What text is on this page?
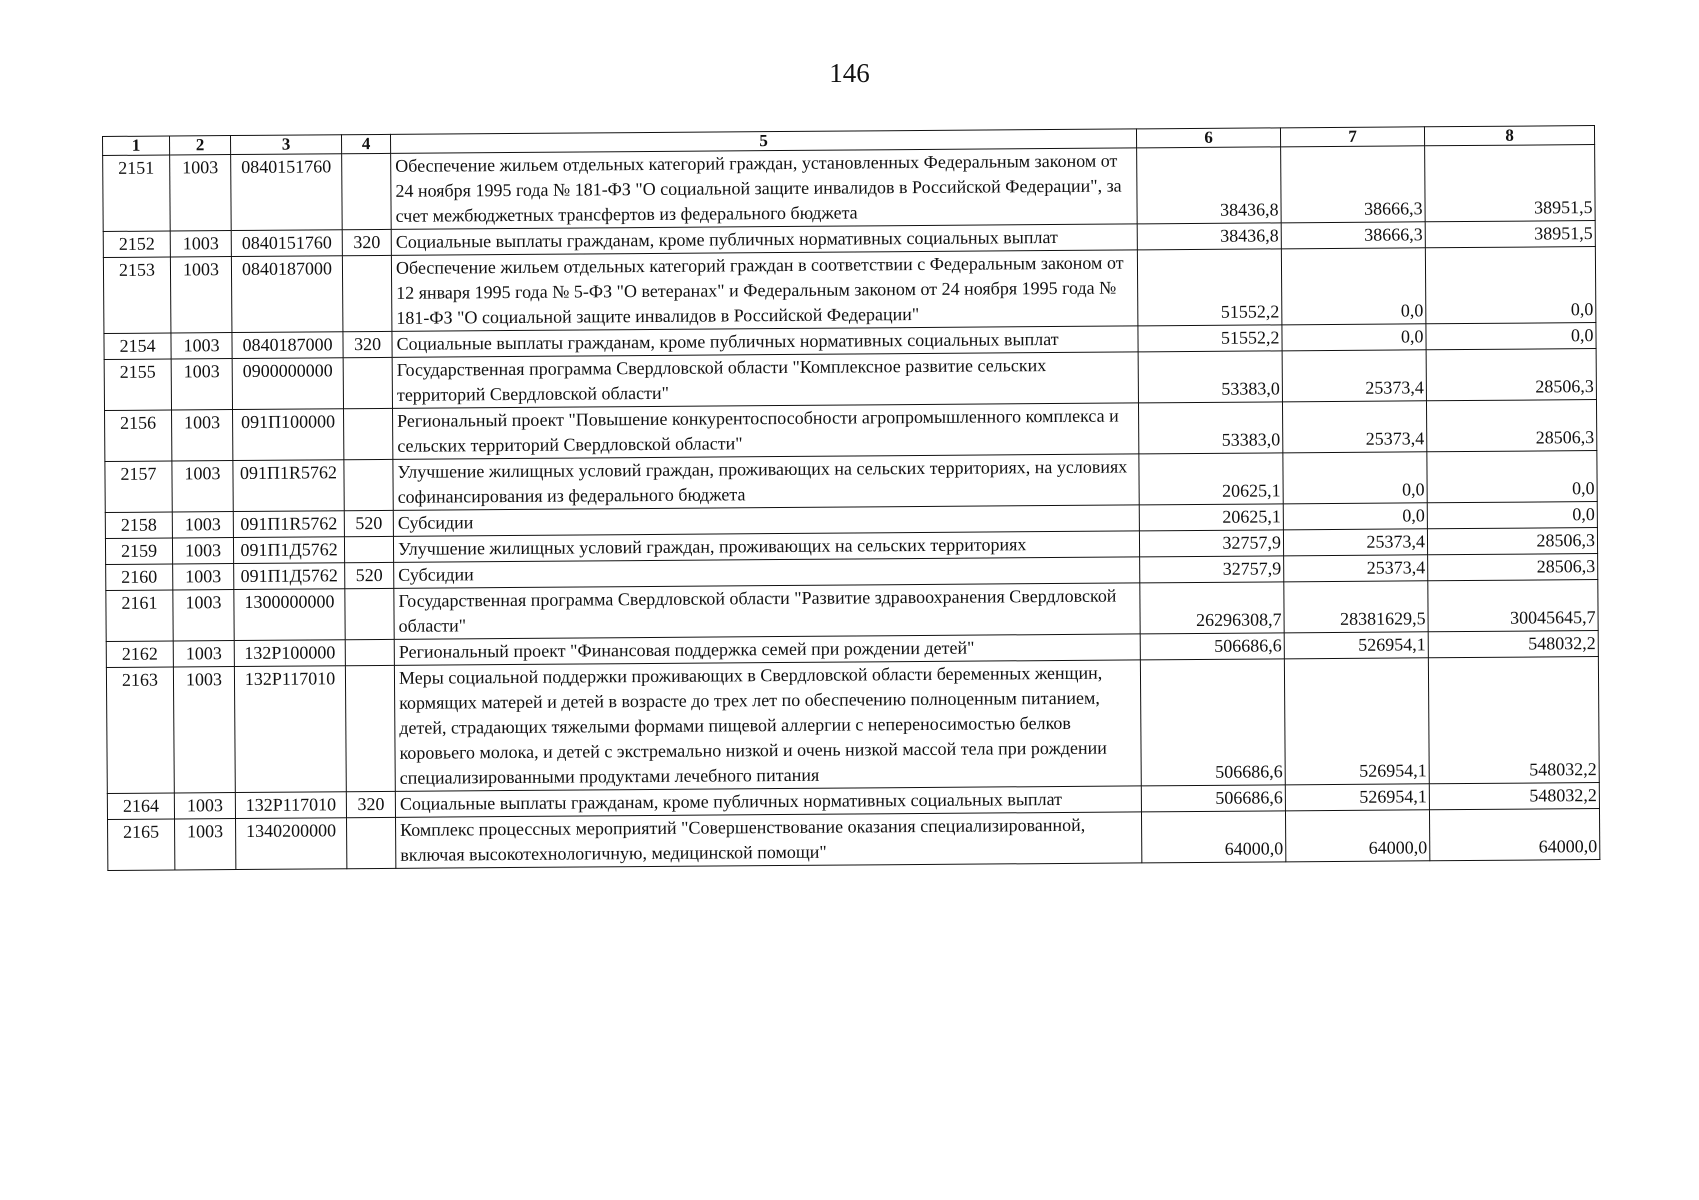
146
1	2	3	4	5	6	7	8
2151	1003	0840151760		Обеспечение жильем отдельных категорий граждан, установленных Федеральным законом от 24 ноября 1995 года № 181-ФЗ "О социальной защите инвалидов в Российской Федерации", за счет межбюджетных трансфертов из федерального бюджета	38436,8	38666,3	38951,5
2152	1003	0840151760	320	Социальные выплаты гражданам, кроме публичных нормативных социальных выплат	38436,8	38666,3	38951,5
2153	1003	0840187000		Обеспечение жильем отдельных категорий граждан в соответствии с Федеральным законом от 12 января 1995 года № 5-ФЗ "О ветеранах" и Федеральным законом от 24 ноября 1995 года № 181-ФЗ "О социальной защите инвалидов в Российской Федерации"	51552,2	0,0	0,0
2154	1003	0840187000	320	Социальные выплаты гражданам, кроме публичных нормативных социальных выплат	51552,2	0,0	0,0
2155	1003	0900000000		Государственная программа Свердловской области "Комплексное развитие сельских территорий Свердловской области"	53383,0	25373,4	28506,3
2156	1003	091П100000		Региональный проект "Повышение конкурентоспособности агропромышленного комплекса и сельских территорий Свердловской области"	53383,0	25373,4	28506,3
2157	1003	091П1R5762		Улучшение жилищных условий граждан, проживающих на сельских территориях, на условиях софинансирования из федерального бюджета	20625,1	0,0	0,0
2158	1003	091П1R5762	520	Субсидии	20625,1	0,0	0,0
2159	1003	091П1Д5762		Улучшение жилищных условий граждан, проживающих на сельских территориях	32757,9	25373,4	28506,3
2160	1003	091П1Д5762	520	Субсидии	32757,9	25373,4	28506,3
2161	1003	1300000000		Государственная программа Свердловской области "Развитие здравоохранения Свердловской области"	26296308,7	28381629,5	30045645,7
2162	1003	132Р100000		Региональный проект "Финансовая поддержка семей при рождении детей"	506686,6	526954,1	548032,2
2163	1003	132Р117010		Меры социальной поддержки проживающих в Свердловской области беременных женщин, кормящих матерей и детей в возрасте до трех лет по обеспечению полноценным питанием, детей, страдающих тяжелыми формами пищевой аллергии с непереносимостью белков коровьего молока, и детей с экстремально низкой и очень низкой массой тела при рождении специализированными продуктами лечебного питания	506686,6	526954,1	548032,2
2164	1003	132Р117010	320	Социальные выплаты гражданам, кроме публичных нормативных социальных выплат	506686,6	526954,1	548032,2
2165	1003	1340200000		Комплекс процессных мероприятий "Совершенствование оказания специализированной, включая высокотехнологичную, медицинской помощи"	64000,0	64000,0	64000,0
